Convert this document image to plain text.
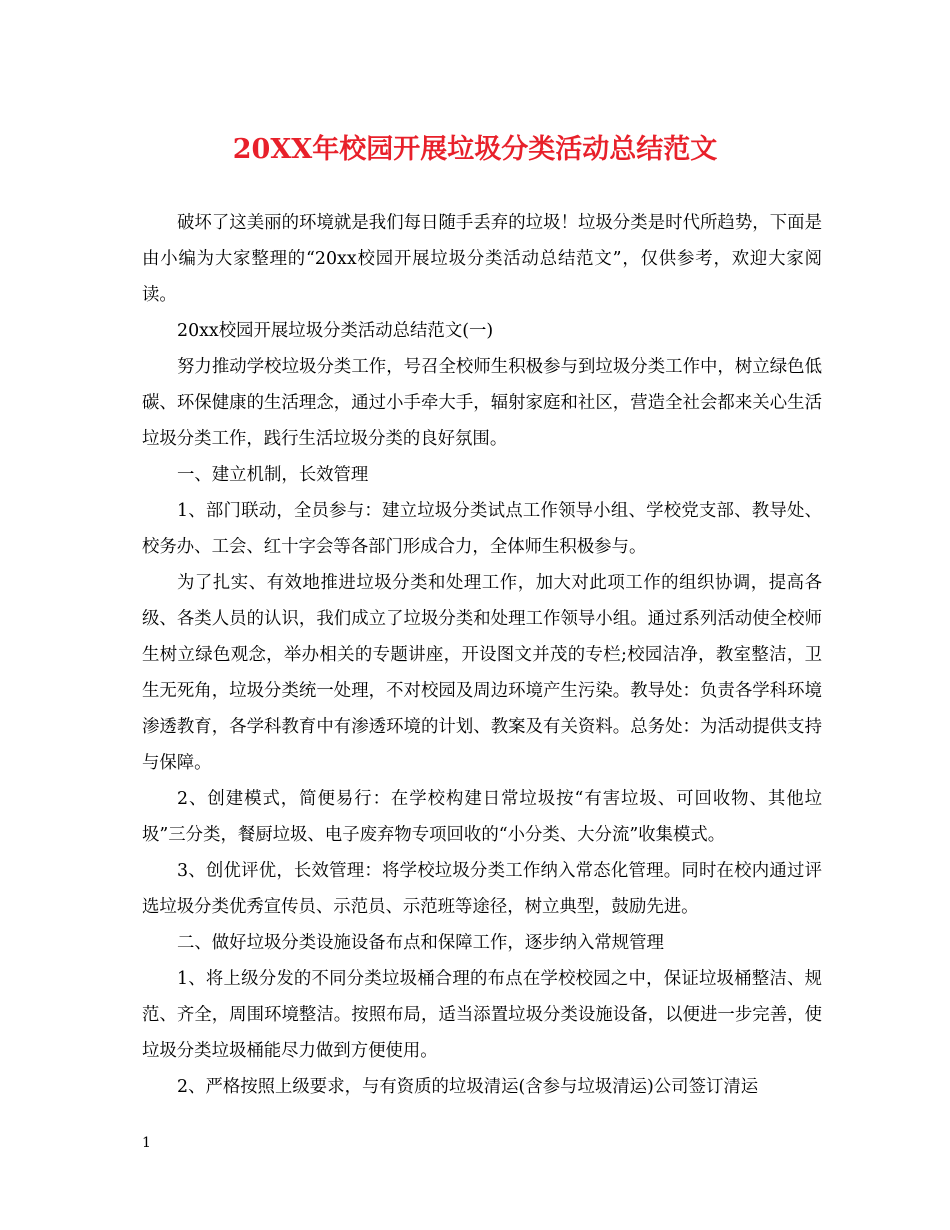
20XX年校园开展垃圾分类活动总结范文

破坏了这美丽的环境就是我们每日随手丢弃的垃圾！垃圾分类是时代所趋势，下面是由小编为大家整理的“20xx校园开展垃圾分类活动总结范文”，仅供参考，欢迎大家阅读。

20xx校园开展垃圾分类活动总结范文(一)

努力推动学校垃圾分类工作，号召全校师生积极参与到垃圾分类工作中，树立绿色低碳、环保健康的生活理念，通过小手牵大手，辐射家庭和社区，营造全社会都来关心生活垃圾分类工作，践行生活垃圾分类的良好氛围。

一、建立机制，长效管理

1、部门联动，全员参与：建立垃圾分类试点工作领导小组、学校党支部、教导处、校务办、工会、红十字会等各部门形成合力，全体师生积极参与。

为了扎实、有效地推进垃圾分类和处理工作，加大对此项工作的组织协调，提高各级、各类人员的认识，我们成立了垃圾分类和处理工作领导小组。通过系列活动使全校师生树立绿色观念，举办相关的专题讲座，开设图文并茂的专栏;校园洁净，教室整洁，卫生无死角，垃圾分类统一处理，不对校园及周边环境产生污染。教导处：负责各学科环境渗透教育，各学科教育中有渗透环境的计划、教案及有关资料。总务处：为活动提供支持与保障。

2、创建模式，简便易行：在学校构建日常垃圾按“有害垃圾、可回收物、其他垃圾”三分类，餐厨垃圾、电子废弃物专项回收的“小分类、大分流”收集模式。

3、创优评优，长效管理：将学校垃圾分类工作纳入常态化管理。同时在校内通过评选垃圾分类优秀宣传员、示范员、示范班等途径，树立典型，鼓励先进。

二、做好垃圾分类设施设备布点和保障工作，逐步纳入常规管理

1、将上级分发的不同分类垃圾桶合理的布点在学校校园之中，保证垃圾桶整洁、规范、齐全，周围环境整洁。按照布局，适当添置垃圾分类设施设备，以便进一步完善，使垃圾分类垃圾桶能尽力做到方便使用。

2、严格按照上级要求，与有资质的垃圾清运(含参与垃圾清运)公司签订清运

1
